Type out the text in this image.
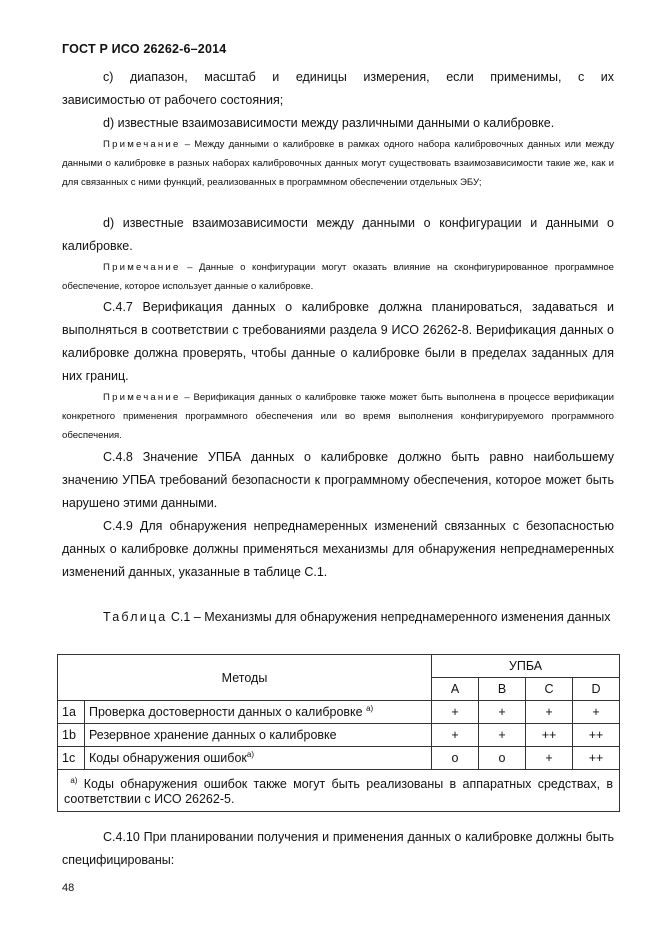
ГОСТ Р ИСО 26262-6–2014
c) диапазон, масштаб и единицы измерения, если применимы, с их
зависимостью от рабочего состояния;
d) известные взаимозависимости между различными данными о калибровке.
Примечание – Между данными о калибровке в рамках одного набора калибровочных данных или между данными о калибровке в разных наборах калибровочных данных могут существовать взаимозависимости такие же, как и для связанных с ними функций, реализованных в программном обеспечении отдельных ЭБУ;
d) известные взаимозависимости между данными о конфигурации и данными о калибровке.
Примечание – Данные о конфигурации могут оказать влияние на сконфигурированное программное обеспечение, которое использует данные о калибровке.
C.4.7 Верификация данных о калибровке должна планироваться, задаваться и выполняться в соответствии с требованиями раздела 9 ИСО 26262-8. Верификация данных о калибровке должна проверять, чтобы данные о калибровке были в пределах заданных для них границ.
Примечание – Верификация данных о калибровке также может быть выполнена в процессе верификации конкретного применения программного обеспечения или во время выполнения конфигурируемого программного обеспечения.
C.4.8 Значение УПБА данных о калибровке должно быть равно наибольшему значению УПБА требований безопасности к программному обеспечения, которое может быть нарушено этими данными.
C.4.9 Для обнаружения непреднамеренных изменений связанных с безопасностью данных о калибровке должны применяться механизмы для обнаружения непреднамеренных изменений данных, указанные в таблице C.1.
Таблица C.1 – Механизмы для обнаружения непреднамеренного изменения данных
Методы		УПБА			
		A	B	C	D
1a	Проверка достоверности данных о калибровке $^{а)}$	+	+	+	+
1b	Резервное хранение данных о калибровке	+	+	++	++
1c	Коды обнаружения ошибок$^{а)}$	o	o	+	++
$^{а)}$ Коды обнаружения ошибок также могут быть реализованы в аппаратных средствах, в соответствии с ИСО 26262-5.					
C.4.10 При планировании получения и применения данных о калибровке должны быть специфицированы:
48
